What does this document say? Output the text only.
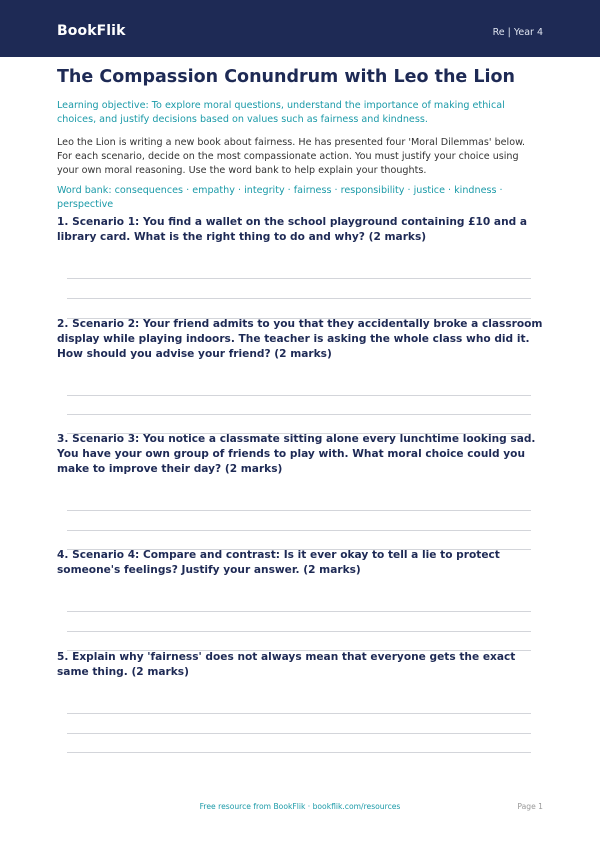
BookFlik	Re | Year 4
The Compassion Conundrum with Leo the Lion
Learning objective: To explore moral questions, understand the importance of making ethical choices, and justify decisions based on values such as fairness and kindness.
Leo the Lion is writing a new book about fairness. He has presented four 'Moral Dilemmas' below. For each scenario, decide on the most compassionate action. You must justify your choice using your own moral reasoning. Use the word bank to help explain your thoughts.
Word bank: consequences · empathy · integrity · fairness · responsibility · justice · kindness · perspective
1. Scenario 1: You find a wallet on the school playground containing £10 and a library card. What is the right thing to do and why? (2 marks)
2. Scenario 2: Your friend admits to you that they accidentally broke a classroom display while playing indoors. The teacher is asking the whole class who did it. How should you advise your friend? (2 marks)
3. Scenario 3: You notice a classmate sitting alone every lunchtime looking sad. You have your own group of friends to play with. What moral choice could you make to improve their day? (2 marks)
4. Scenario 4: Compare and contrast: Is it ever okay to tell a lie to protect someone's feelings? Justify your answer. (2 marks)
5. Explain why 'fairness' does not always mean that everyone gets the exact same thing. (2 marks)
Free resource from BookFlik · bookflik.com/resources	Page 1
